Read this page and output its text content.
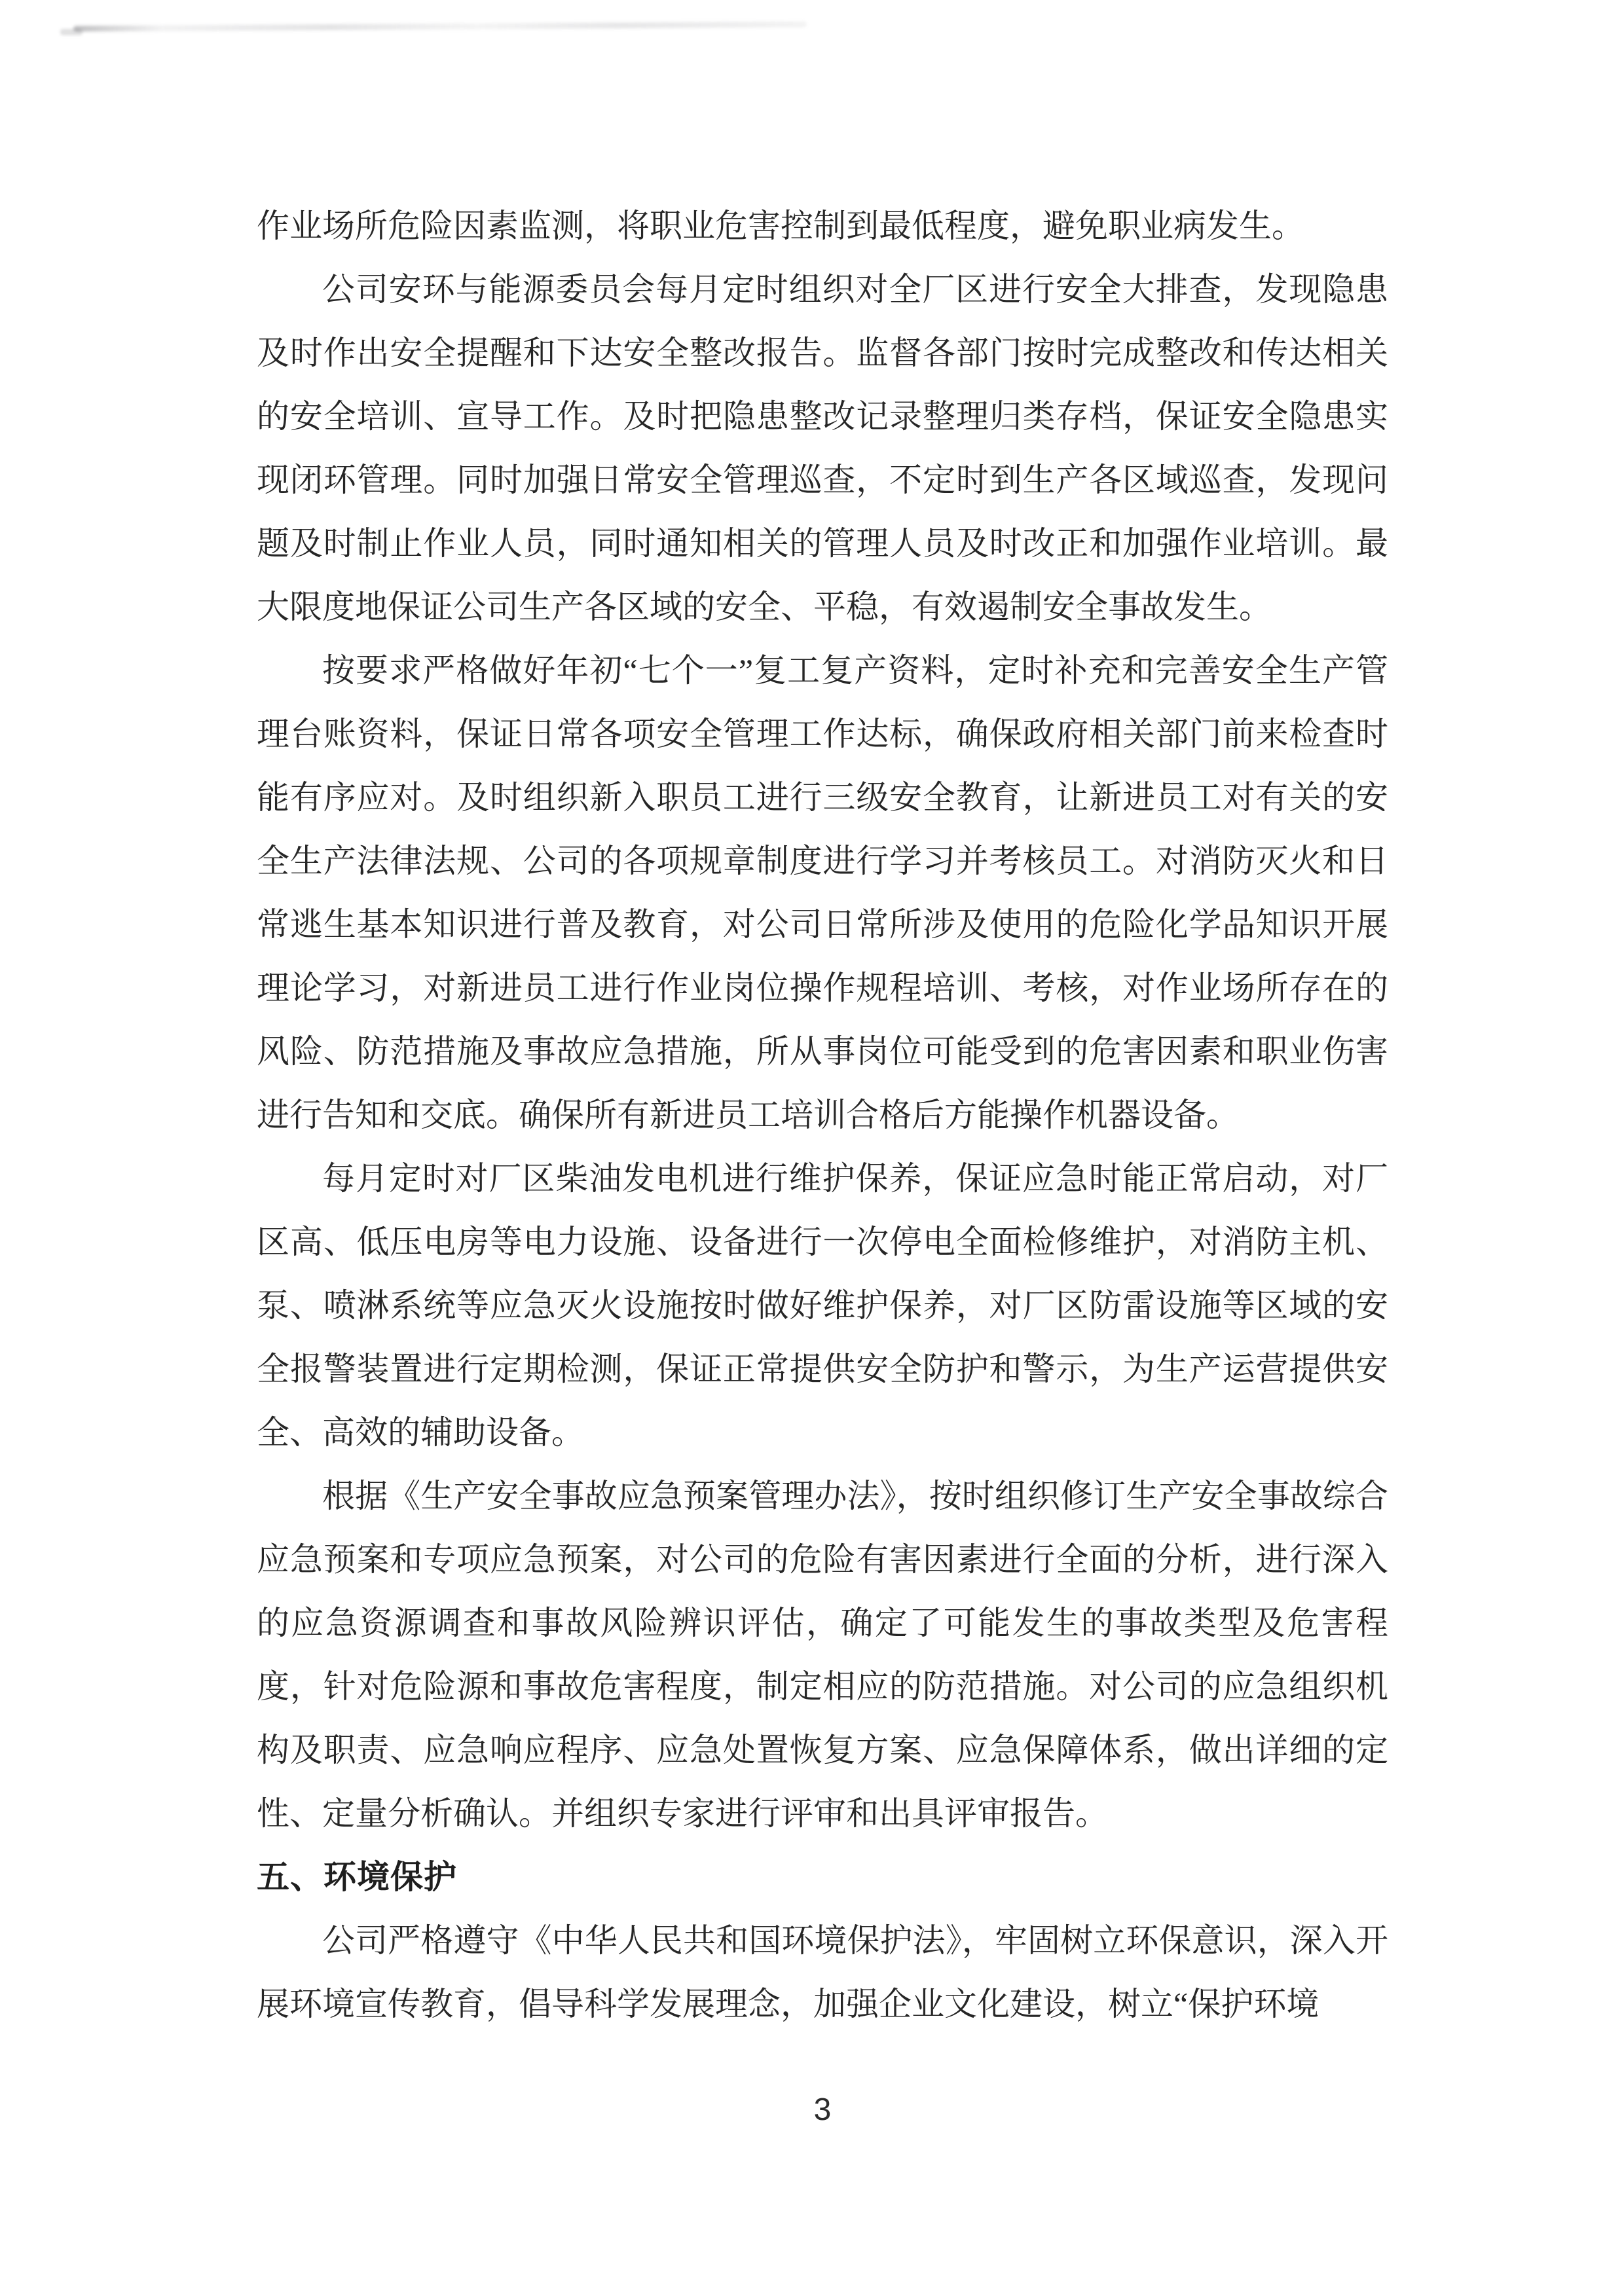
作业场所危险因素监测，将职业危害控制到最低程度，避免职业病发生。

公司安环与能源委员会每月定时组织对全厂区进行安全大排查，发现隐患及时作出安全提醒和下达安全整改报告。监督各部门按时完成整改和传达相关的安全培训、宣导工作。及时把隐患整改记录整理归类存档，保证安全隐患实现闭环管理。同时加强日常安全管理巡查，不定时到生产各区域巡查，发现问题及时制止作业人员，同时通知相关的管理人员及时改正和加强作业培训。最大限度地保证公司生产各区域的安全、平稳，有效遏制安全事故发生。

按要求严格做好年初“七个一”复工复产资料，定时补充和完善安全生产管理台账资料，保证日常各项安全管理工作达标，确保政府相关部门前来检查时能有序应对。及时组织新入职员工进行三级安全教育，让新进员工对有关的安全生产法律法规、公司的各项规章制度进行学习并考核员工。对消防灭火和日常逃生基本知识进行普及教育，对公司日常所涉及使用的危险化学品知识开展理论学习，对新进员工进行作业岗位操作规程培训、考核，对作业场所存在的风险、防范措施及事故应急措施，所从事岗位可能受到的危害因素和职业伤害进行告知和交底。确保所有新进员工培训合格后方能操作机器设备。

每月定时对厂区柴油发电机进行维护保养，保证应急时能正常启动，对厂区高、低压电房等电力设施、设备进行一次停电全面检修维护，对消防主机、泵、喷淋系统等应急灭火设施按时做好维护保养，对厂区防雷设施等区域的安全报警装置进行定期检测，保证正常提供安全防护和警示，为生产运营提供安全、高效的辅助设备。

根据《生产安全事故应急预案管理办法》，按时组织修订生产安全事故综合应急预案和专项应急预案，对公司的危险有害因素进行全面的分析，进行深入的应急资源调查和事故风险辨识评估，确定了可能发生的事故类型及危害程度，针对危险源和事故危害程度，制定相应的防范措施。对公司的应急组织机构及职责、应急响应程序、应急处置恢复方案、应急保障体系，做出详细的定性、定量分析确认。并组织专家进行评审和出具评审报告。

五、环境保护

公司严格遵守《中华人民共和国环境保护法》，牢固树立环保意识，深入开展环境宣传教育，倡导科学发展理念，加强企业文化建设，树立“保护环境

3
